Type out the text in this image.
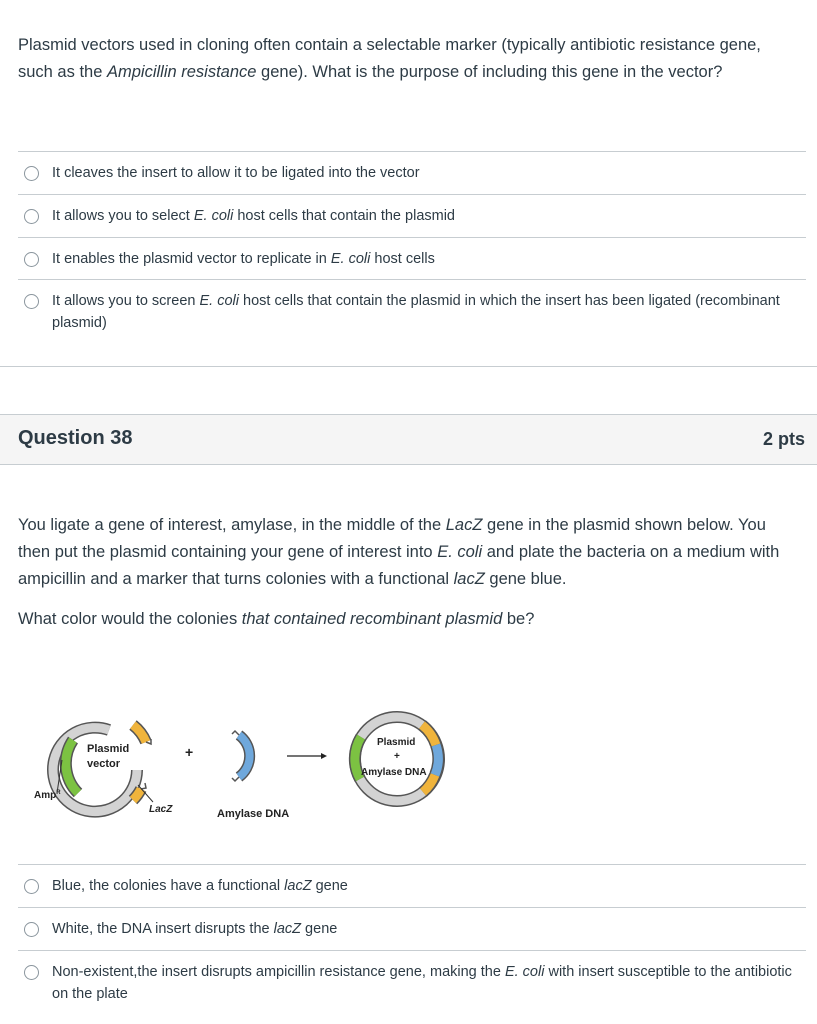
Plasmid vectors used in cloning often contain a selectable marker (typically antibiotic resistance gene, such as the Ampicillin resistance gene). What is the purpose of including this gene in the vector?
It cleaves the insert to allow it to be ligated into the vector
It allows you to select E. coli host cells that contain the plasmid
It enables the plasmid vector to replicate in E. coli host cells
It allows you to screen E. coli host cells that contain the plasmid in which the insert has been ligated (recombinant plasmid)
Question 38	2 pts
You ligate a gene of interest, amylase, in the middle of the LacZ gene in the plasmid shown below. You then put the plasmid containing your gene of interest into E. coli and plate the bacteria on a medium with ampicillin and a marker that turns colonies with a functional lacZ gene blue.
What color would the colonies that contained recombinant plasmid be?
Plasmid
vector
Amp$^R$
LacZ
+
Amylase DNA
Plasmid
+
Amylase DNA
Blue, the colonies have a functional lacZ gene
White, the DNA insert disrupts the lacZ gene
Non-existent,the insert disrupts ampicillin resistance gene, making the E. coli with insert susceptible to the antibiotic on the plate
